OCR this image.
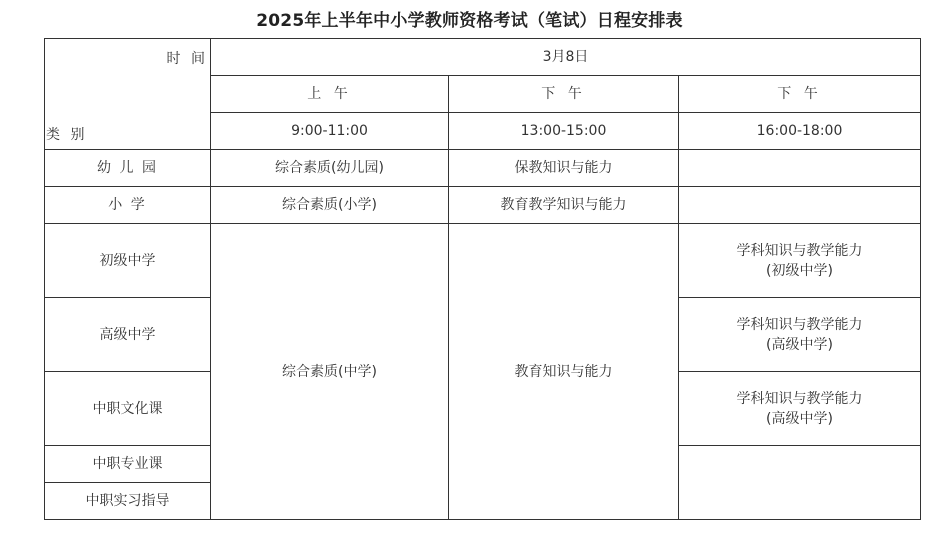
2025年上半年中小学教师资格考试（笔试）日程安排表
时 间
类 别	3月8日		
	上 午	下 午	下 午
	9:00-11:00	13:00-15:00	16:00-18:00
幼 儿 园	综合素质(幼儿园)	保教知识与能力	
小 学	综合素质(小学)	教育教学知识与能力	
初级中学	综合素质(中学)	教育知识与能力	学科知识与教学能力
(初级中学)

高级中学			学科知识与教学能力
(高级中学)

中职文化课			学科知识与教学能力
(高级中学)

中职专业课			
中职实习指导			
